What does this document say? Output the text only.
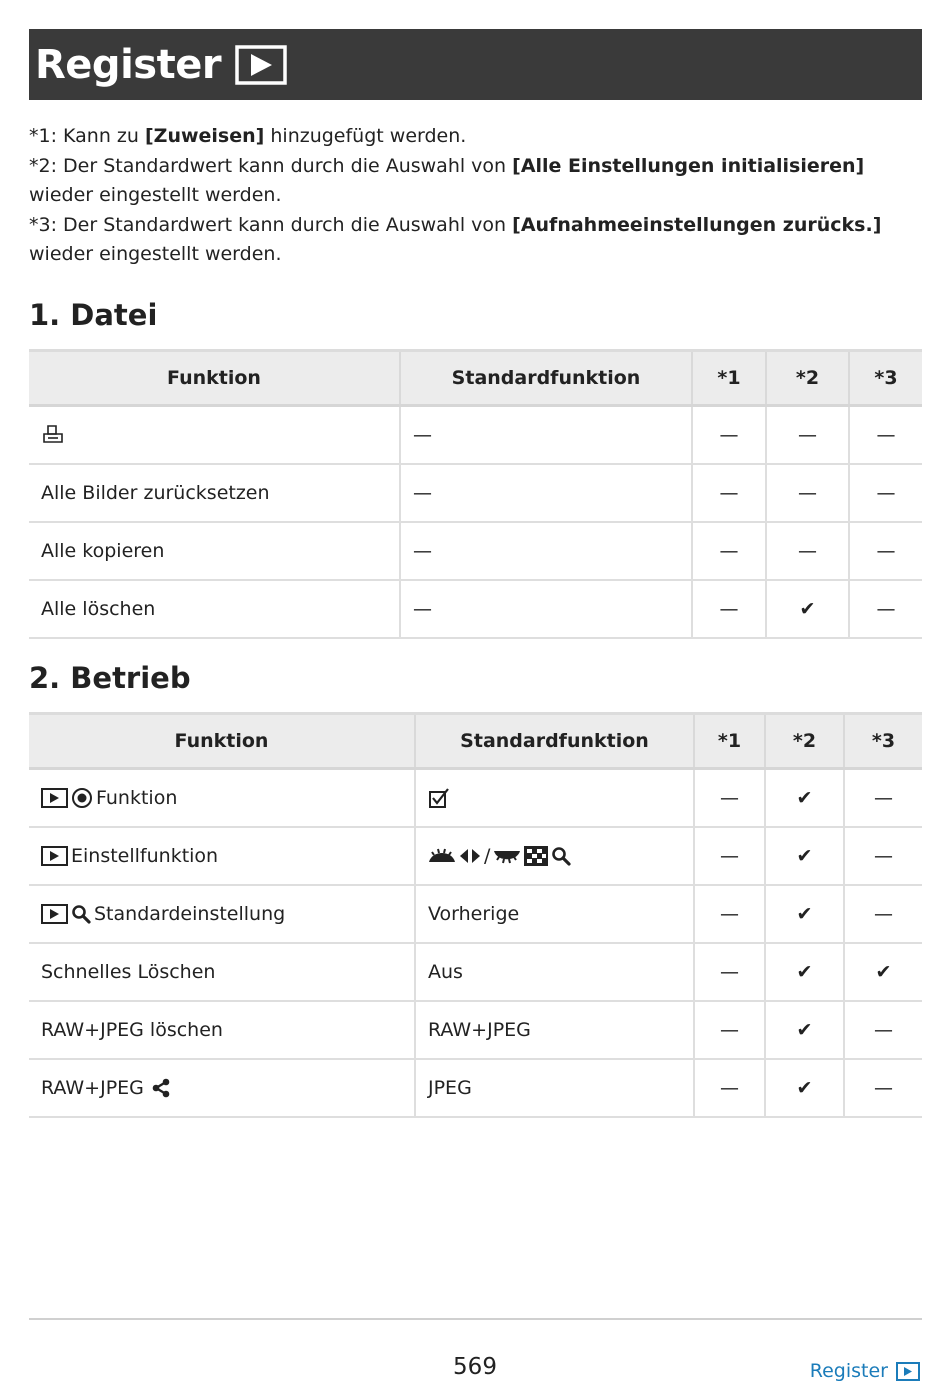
Register

*1: Kann zu [Zuweisen] hinzugefügt werden.

*2: Der Standardwert kann durch die Auswahl von [Alle Einstellungen initialisieren] wieder eingestellt werden.

*3: Der Standardwert kann durch die Auswahl von [Aufnahmeeinstellungen zurücks.] wieder eingestellt werden.

1. Datei
Funktion	Standardfunktion	*1	*2	*3

	—	—	—	—
Alle Bilder zurücksetzen	—	—	—	—
Alle kopieren	—	—	—	—
Alle löschen	—	—	✔	—
2. Betrieb
Funktion	Standardfunktion	*1	*2	*3

Funktion		—	✔	—

Einstellfunktion	/	—	✔	—

Standardeinstellung	Vorherige	—	✔	—
Schnelles Löschen	Aus	—	✔	✔
RAW+JPEG löschen	RAW+JPEG	—	✔	—

RAW+JPEG	JPEG	—	✔	—
569	Register
